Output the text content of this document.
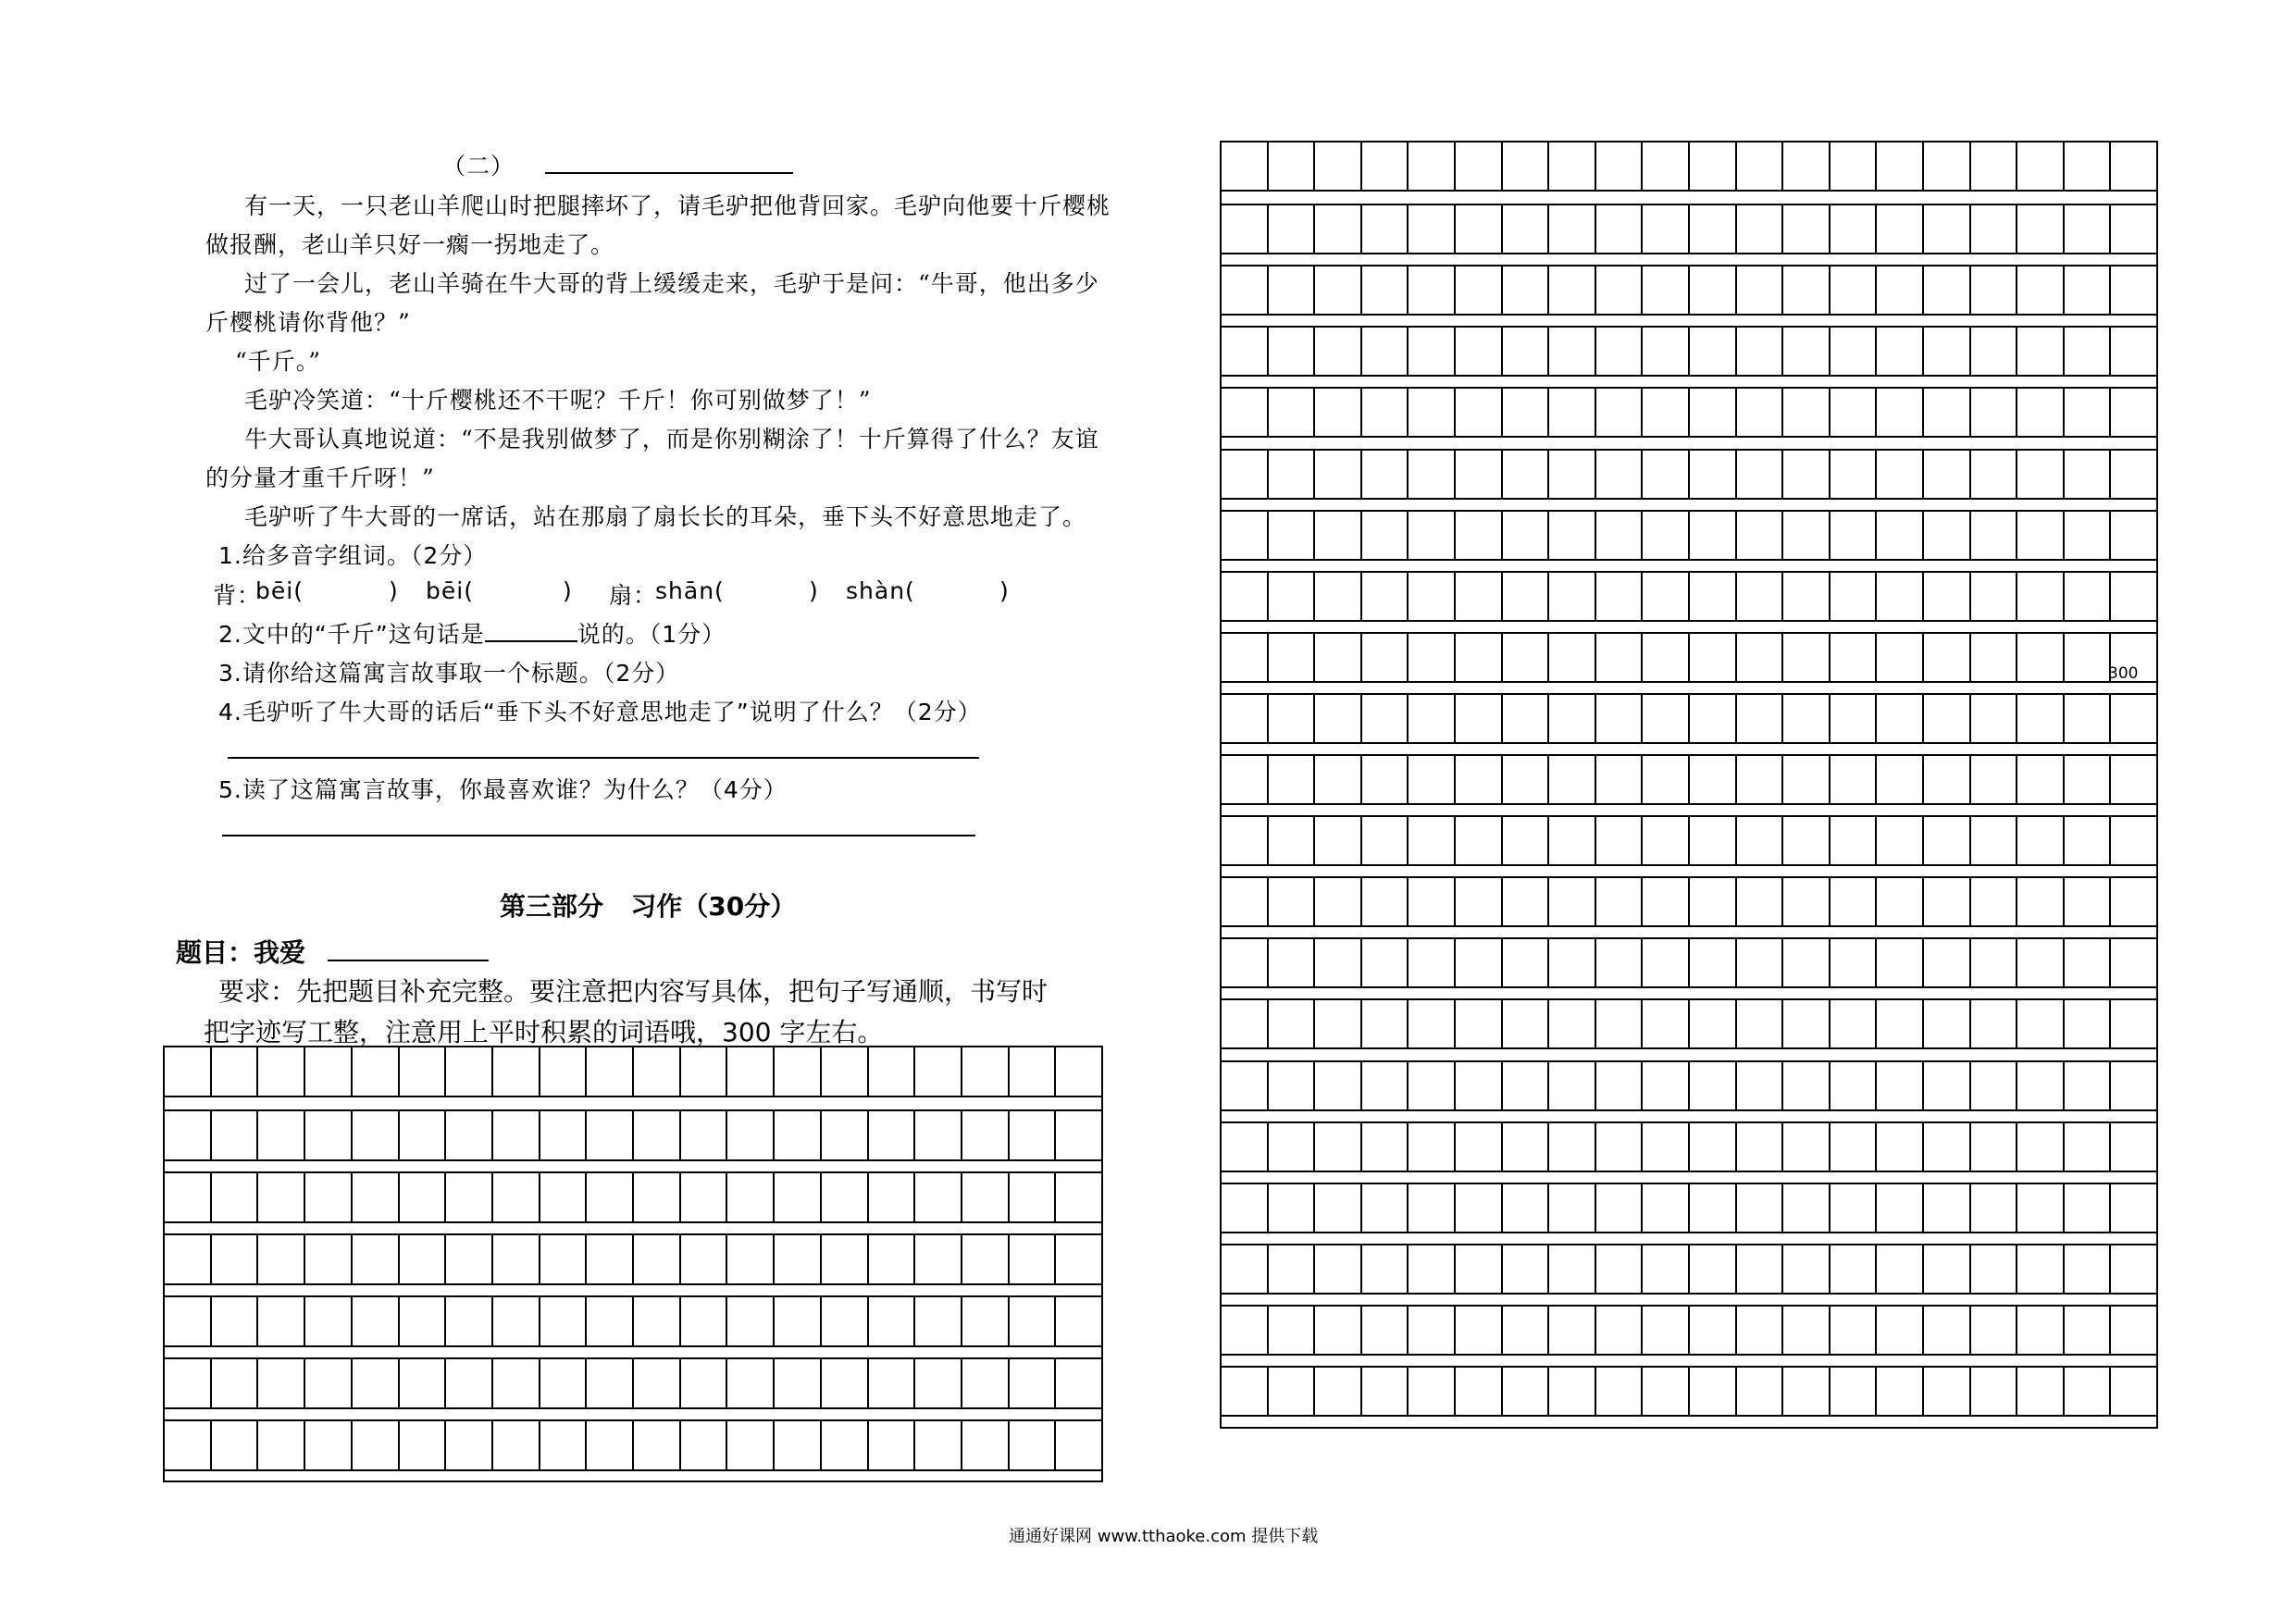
（二）
有一天，一只老山羊爬山时把腿摔坏了，请毛驴把他背回家。毛驴向他要十斤樱桃
做报酬，老山羊只好一瘸一拐地走了。
过了一会儿，老山羊骑在牛大哥的背上缓缓走来，毛驴于是问：“牛哥，他出多少
斤樱桃请你背他？”
“千斤。”
毛驴冷笑道：“十斤樱桃还不干呢？千斤！你可别做梦了！”
牛大哥认真地说道：“不是我别做梦了，而是你别糊涂了！十斤算得了什么？友谊
的分量才重千斤呀！”
毛驴听了牛大哥的一席话，站在那扇了扇长长的耳朵，垂下头不好意思地走了。
1.给多音字组词。（2分）
背：
bēi(	) bēi(	) 扇：
shān(	) shàn(	)
2.文中的“千斤”这句话是	说的。（1分）
3.请你给这篇寓言故事取一个标题。（2分）
4.毛驴听了牛大哥的话后“垂下头不好意思地走了”说明了什么？（2分）
5.读了这篇寓言故事，你最喜欢谁？为什么？（4分）
第三部分   习作（30分）
题目：我爱
要求：先把题目补充完整。要注意把内容写具体，把句子写通顺，书写时
把字迹写工整，注意用上平时积累的词语哦，300 字左右。
300
通通好课网 www.tthaoke.com 提供下载
